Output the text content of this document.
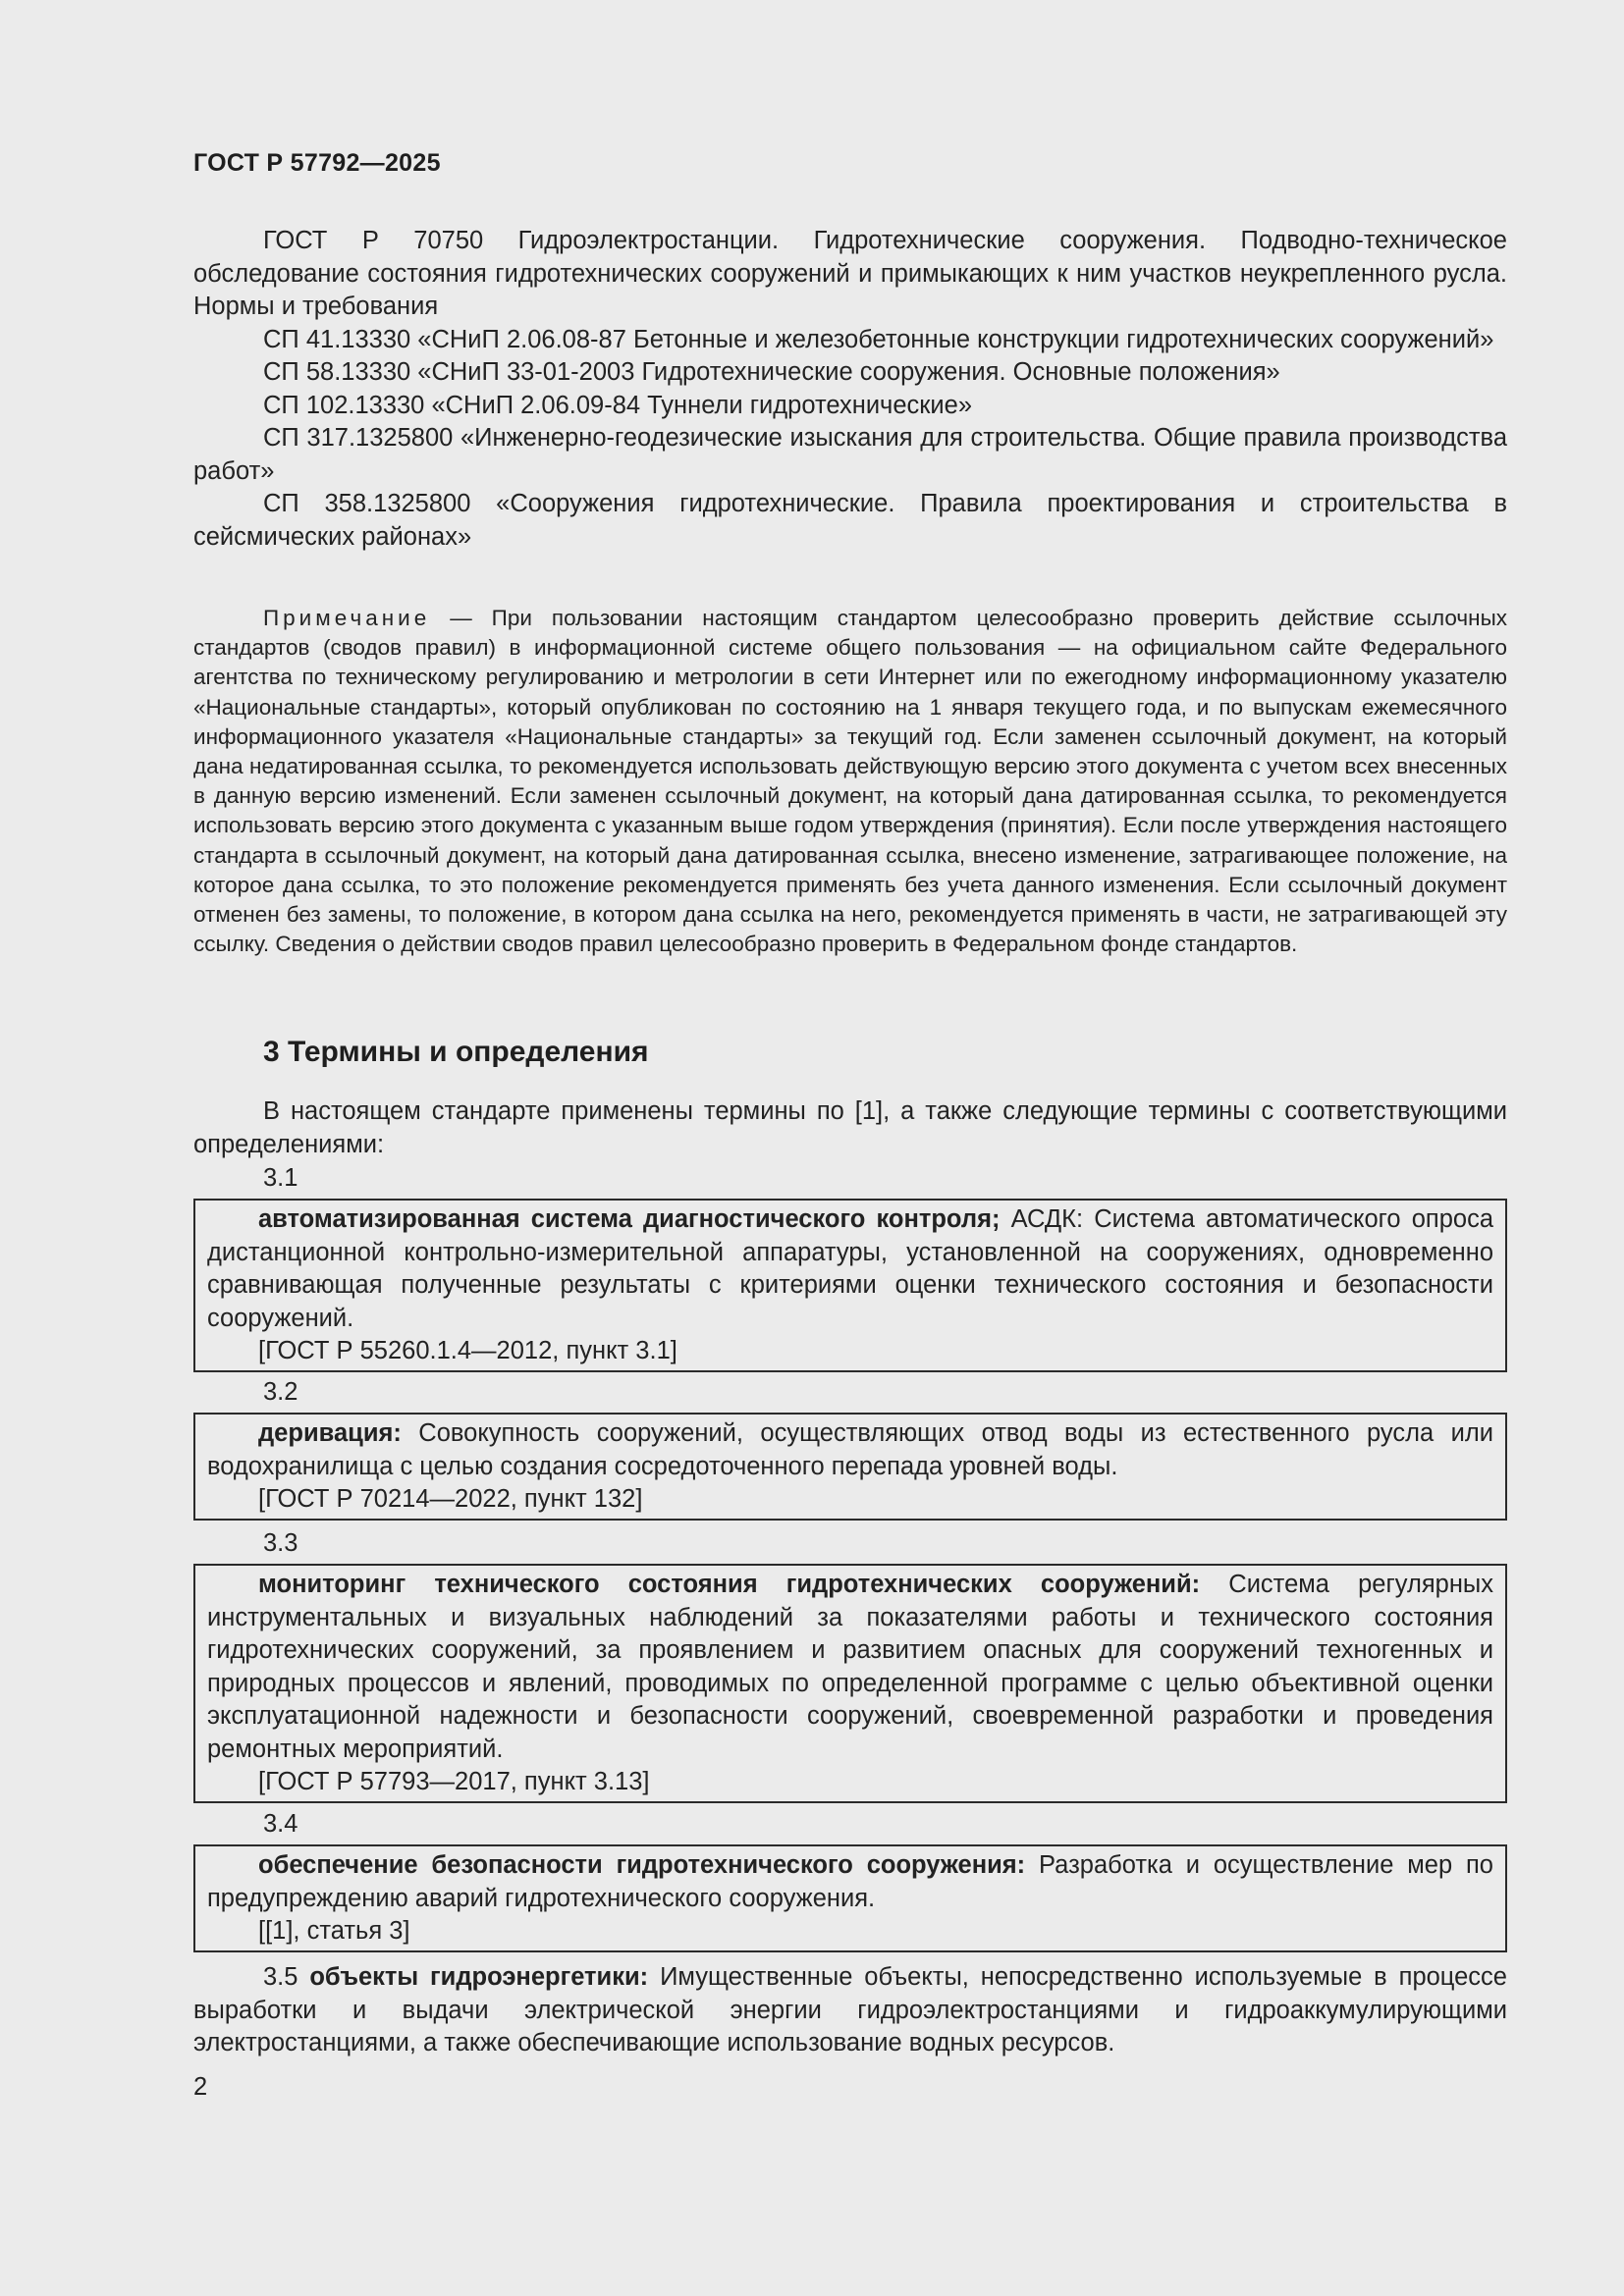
ГОСТ Р 57792—2025

ГОСТ Р 70750 Гидроэлектростанции. Гидротехнические сооружения. Подводно-техническое обследование состояния гидротехнических сооружений и примыкающих к ним участков неукрепленного русла. Нормы и требования

СП 41.13330 «СНиП 2.06.08-87 Бетонные и железобетонные конструкции гидротехнических сооружений»

СП 58.13330 «СНиП 33-01-2003 Гидротехнические сооружения. Основные положения»

СП 102.13330 «СНиП 2.06.09-84 Туннели гидротехнические»

СП 317.1325800 «Инженерно-геодезические изыскания для строительства. Общие правила производства работ»

СП 358.1325800 «Сооружения гидротехнические. Правила проектирования и строительства в сейсмических районах»

Примечание — При пользовании настоящим стандартом целесообразно проверить действие ссылочных стандартов (сводов правил) в информационной системе общего пользования — на официальном сайте Федерального агентства по техническому регулированию и метрологии в сети Интернет или по ежегодному информационному указателю «Национальные стандарты», который опубликован по состоянию на 1 января текущего года, и по выпускам ежемесячного информационного указателя «Национальные стандарты» за текущий год. Если заменен ссылочный документ, на который дана недатированная ссылка, то рекомендуется использовать действующую версию этого документа с учетом всех внесенных в данную версию изменений. Если заменен ссылочный документ, на который дана датированная ссылка, то рекомендуется использовать версию этого документа с указанным выше годом утверждения (принятия). Если после утверждения настоящего стандарта в ссылочный документ, на который дана датированная ссылка, внесено изменение, затрагивающее положение, на которое дана ссылка, то это положение рекомендуется применять без учета данного изменения. Если ссылочный документ отменен без замены, то положение, в котором дана ссылка на него, рекомендуется применять в части, не затрагивающей эту ссылку. Сведения о действии сводов правил целесообразно проверить в Федеральном фонде стандартов.

3 Термины и определения

В настоящем стандарте применены термины по [1], а также следующие термины с соответствующими определениями:

3.1

автоматизированная система диагностического контроля; АСДК: Система автоматического опроса дистанционной контрольно-измерительной аппаратуры, установленной на сооружениях, одновременно сравнивающая полученные результаты с критериями оценки технического состояния и безопасности сооружений.

[ГОСТ Р 55260.1.4—2012, пункт 3.1]

3.2

деривация: Совокупность сооружений, осуществляющих отвод воды из естественного русла или водохранилища с целью создания сосредоточенного перепада уровней воды.

[ГОСТ Р 70214—2022, пункт 132]

3.3

мониторинг технического состояния гидротехнических сооружений: Система регулярных инструментальных и визуальных наблюдений за показателями работы и технического состояния гидротехнических сооружений, за проявлением и развитием опасных для сооружений техногенных и природных процессов и явлений, проводимых по определенной программе с целью объективной оценки эксплуатационной надежности и безопасности сооружений, своевременной разработки и проведения ремонтных мероприятий.

[ГОСТ Р 57793—2017, пункт 3.13]

3.4

обеспечение безопасности гидротехнического сооружения: Разработка и осуществление мер по предупреждению аварий гидротехнического сооружения.

[[1], статья 3]

3.5 объекты гидроэнергетики: Имущественные объекты, непосредственно используемые в процессе выработки и выдачи электрической энергии гидроэлектростанциями и гидроаккумулирующими электростанциями, а также обеспечивающие использование водных ресурсов.

2
